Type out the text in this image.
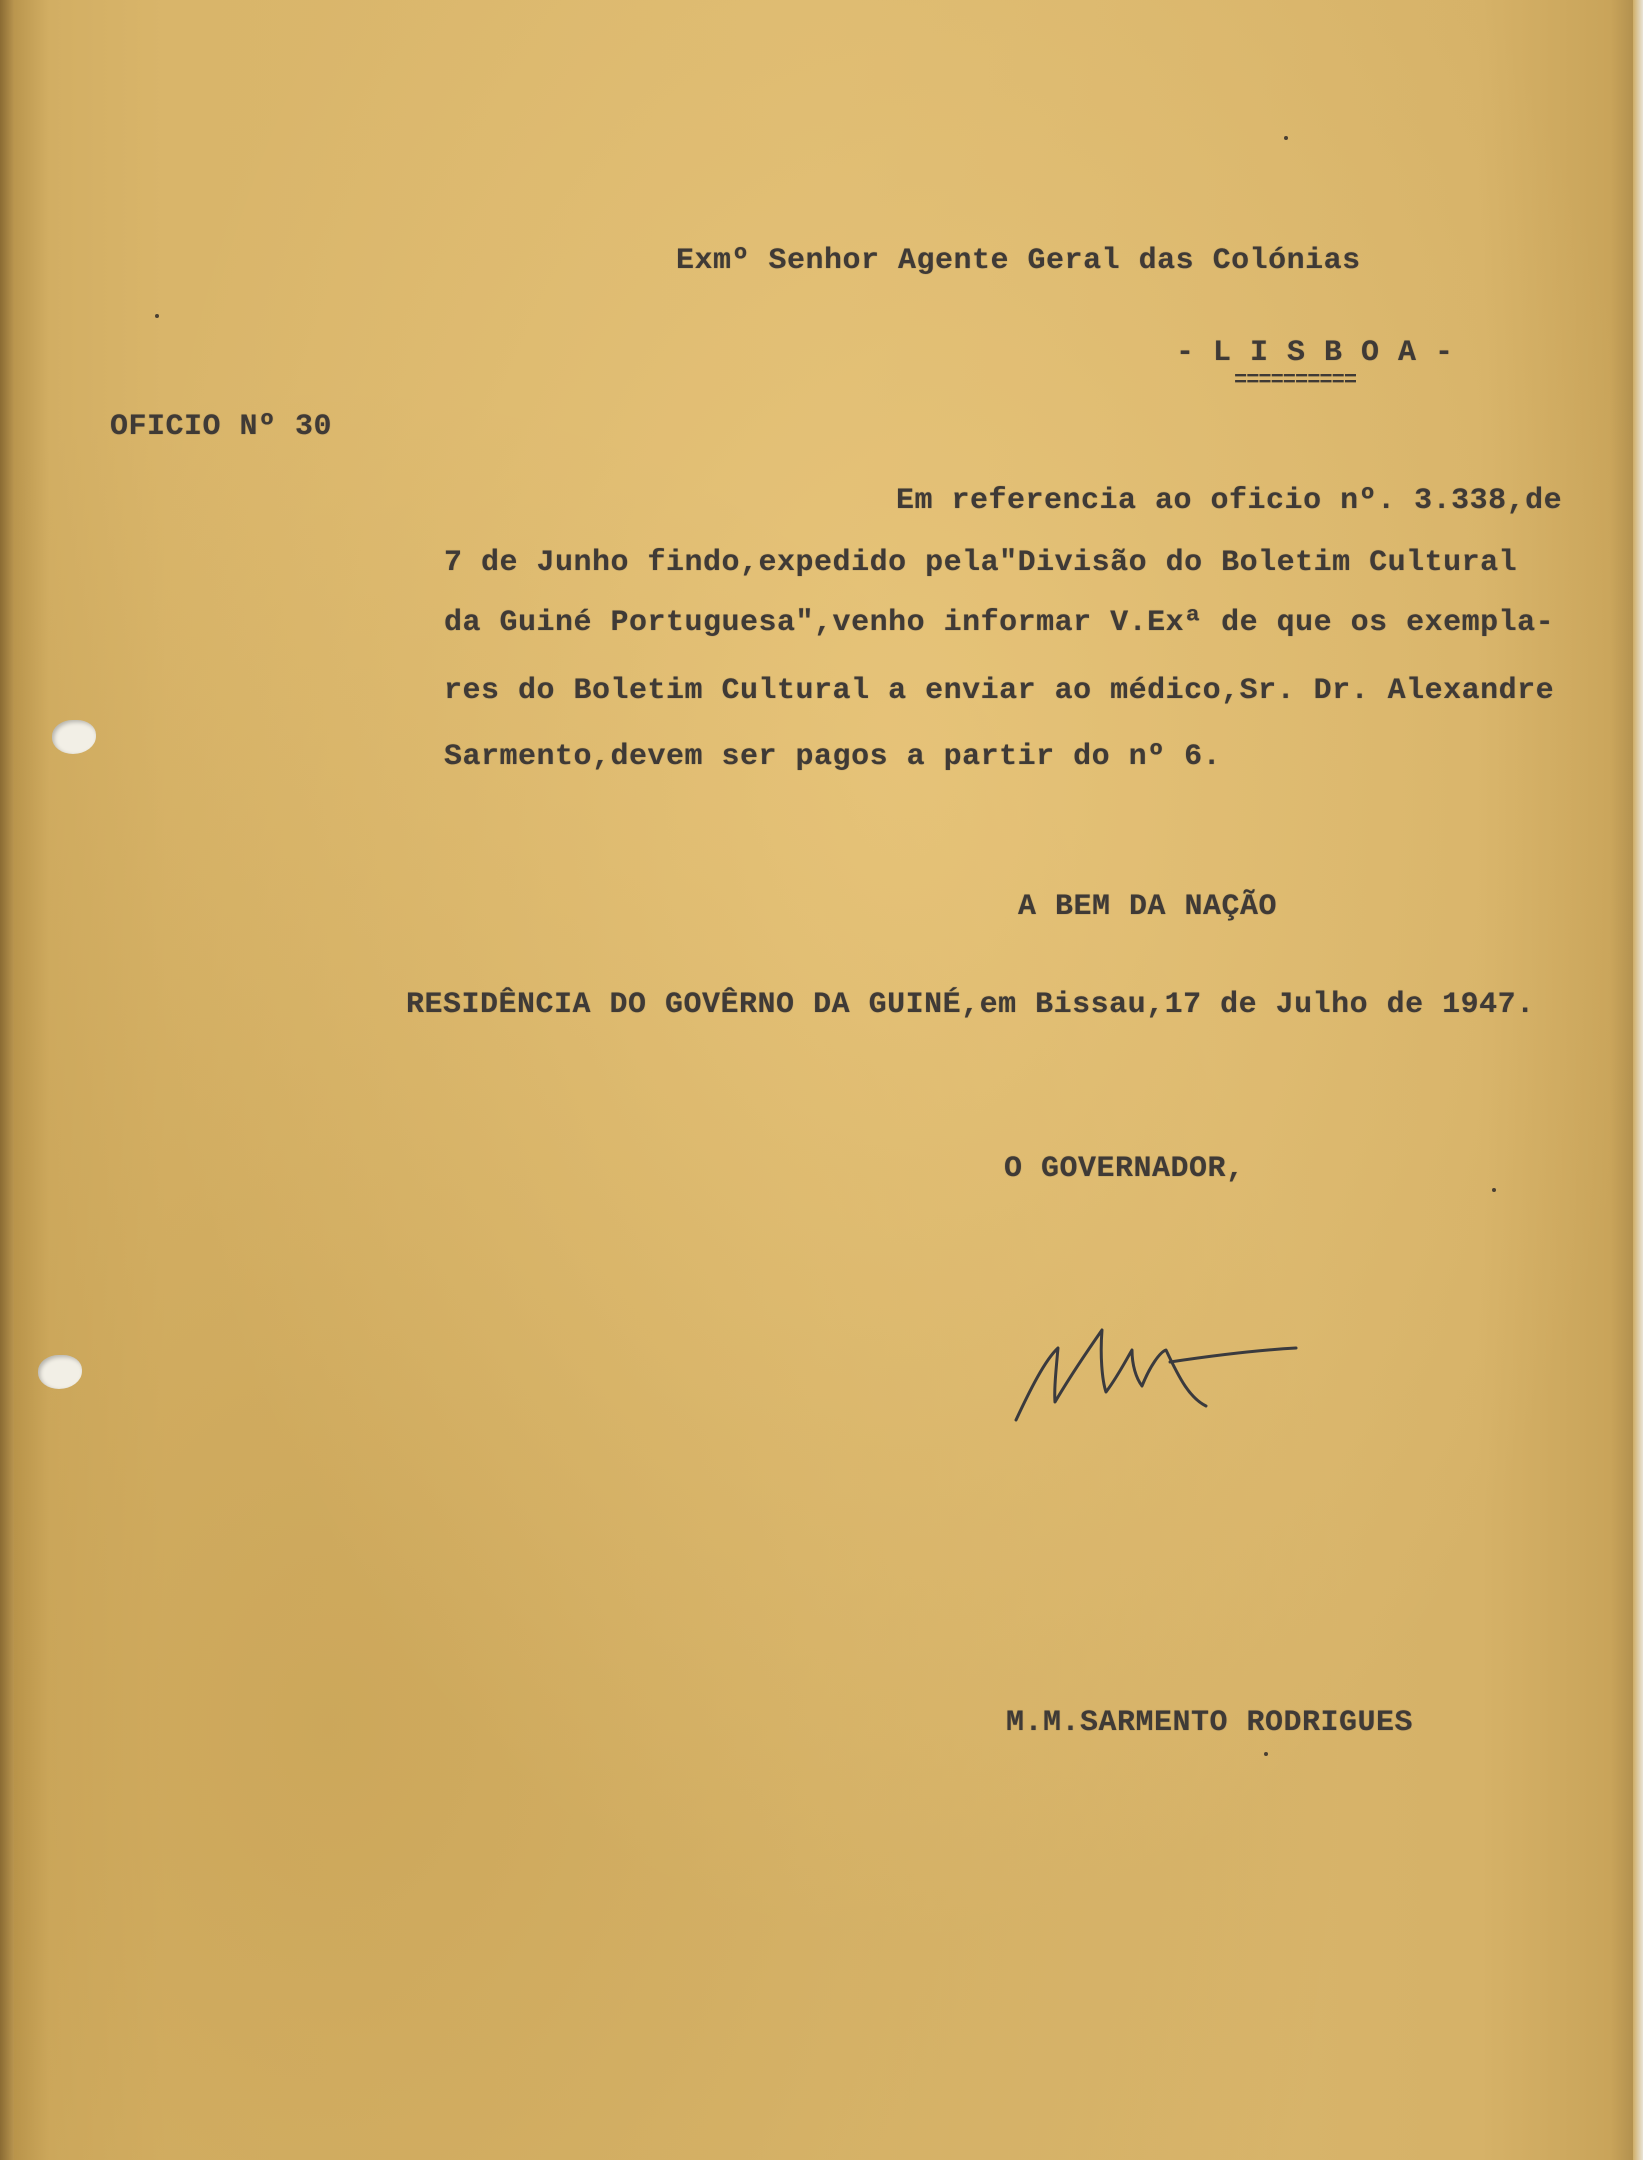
Exmº Senhor Agente Geral das Colónias
- L I S B O A -
==========
OFICIO Nº 30
Em referencia ao oficio nº. 3.338,de
7 de Junho findo,expedido pela"Divisão do Boletim Cultural
da Guiné Portuguesa",venho informar V.Exª de que os exempla-
res do Boletim Cultural a enviar ao médico,Sr. Dr. Alexandre
Sarmento,devem ser pagos a partir do nº 6.
A BEM DA NAÇÃO
RESIDÊNCIA DO GOVÊRNO DA GUINÉ,em Bissau,17 de Julho de 1947.
O GOVERNADOR,
M.M.SARMENTO RODRIGUES
